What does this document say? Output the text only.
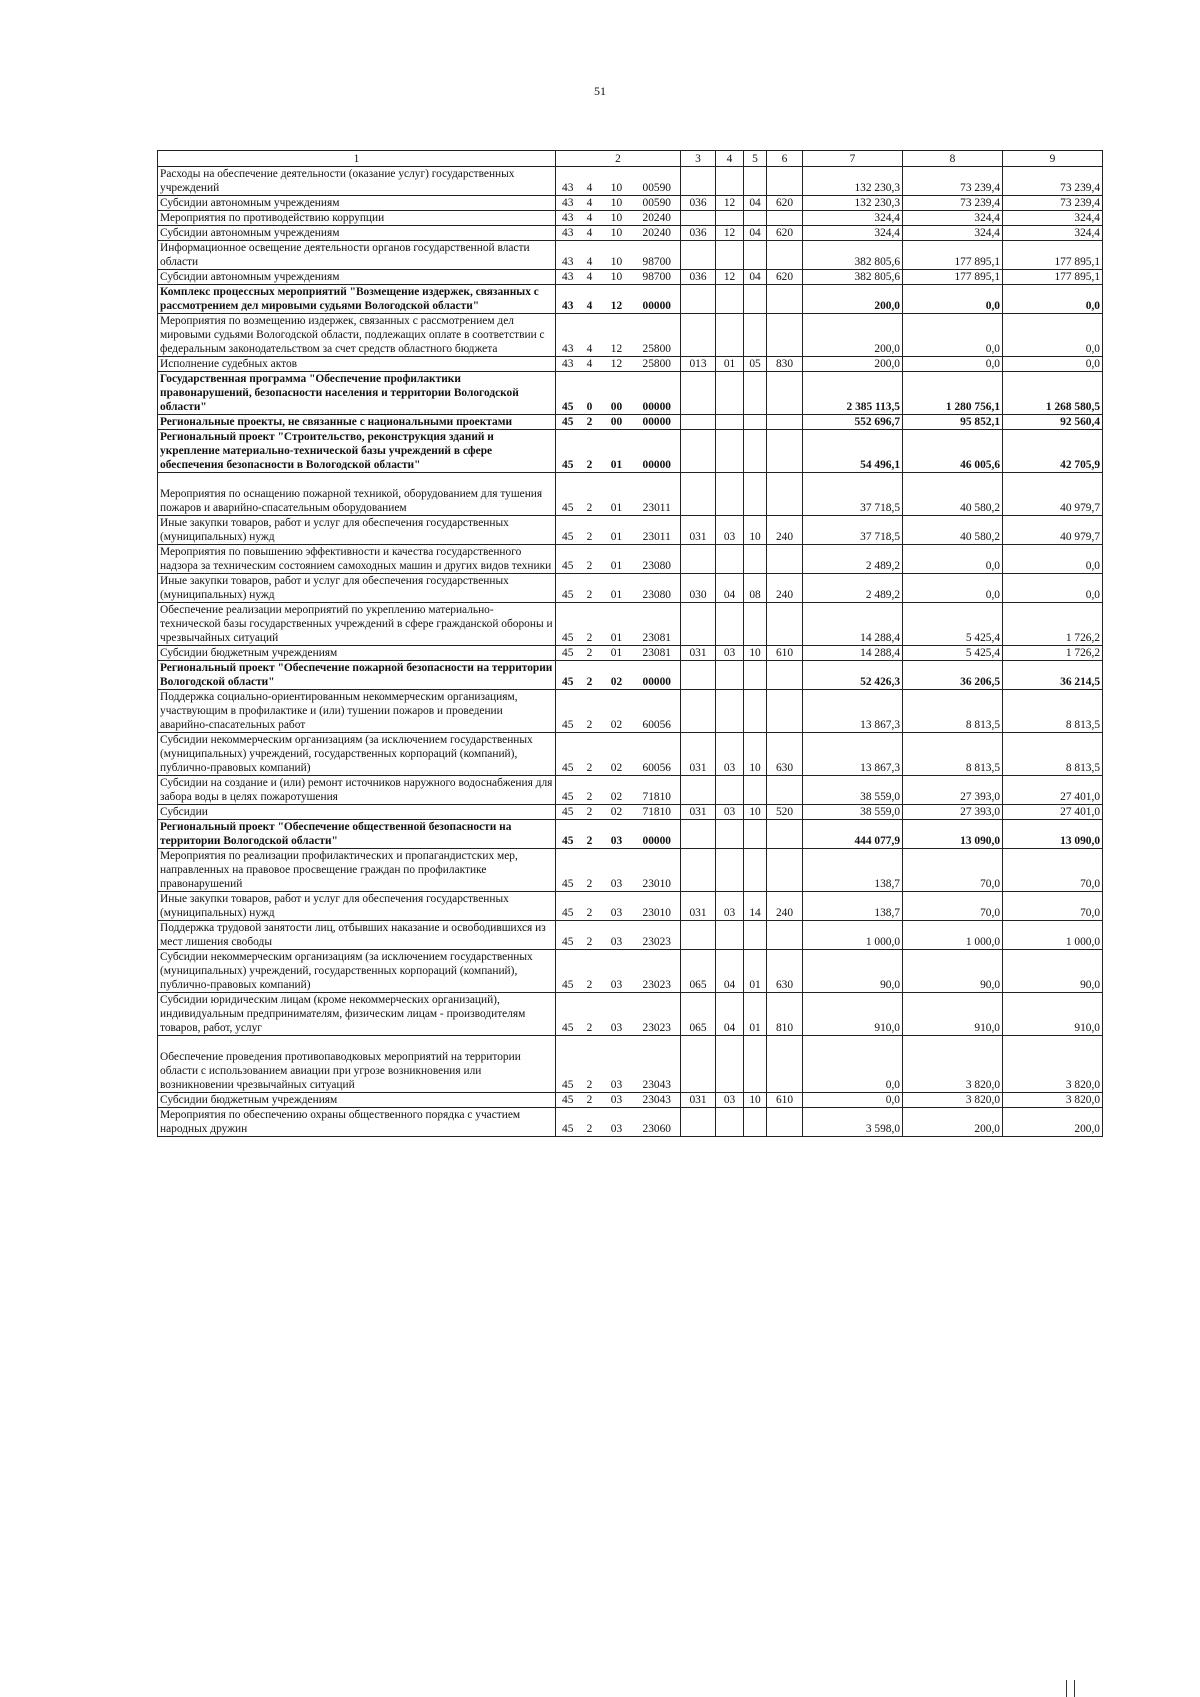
51
1	2				3	4	5	6	7	8	9
Расходы на обеспечение деятельности (оказание услуг) государственных учреждений	43	4	10	00590					132 230,3	73 239,4	73 239,4
Субсидии автономным учреждениям	43	4	10	00590	036	12	04	620	132 230,3	73 239,4	73 239,4
Мероприятия по противодействию коррупции	43	4	10	20240					324,4	324,4	324,4
Субсидии автономным учреждениям	43	4	10	20240	036	12	04	620	324,4	324,4	324,4
Информационное освещение деятельности органов государственной власти области	43	4	10	98700					382 805,6	177 895,1	177 895,1
Субсидии автономным учреждениям	43	4	10	98700	036	12	04	620	382 805,6	177 895,1	177 895,1
Комплекс процессных мероприятий "Возмещение издержек, связанных с рассмотрением дел мировыми судьями Вологодской области"	43	4	12	00000					200,0	0,0	0,0
Мероприятия по возмещению издержек, связанных с рассмотрением дел мировыми судьями Вологодской области, подлежащих оплате в соответствии с федеральным законодательством за счет средств областного бюджета	43	4	12	25800					200,0	0,0	0,0
Исполнение судебных актов	43	4	12	25800	013	01	05	830	200,0	0,0	0,0
Государственная программа "Обеспечение профилактики правонарушений, безопасности населения и территории Вологодской области"	45	0	00	00000					2 385 113,5	1 280 756,1	1 268 580,5
Региональные проекты, не связанные с национальными проектами	45	2	00	00000					552 696,7	95 852,1	92 560,4
Региональный проект "Строительство, реконструкция зданий и укрепление материально-технической базы учреждений в сфере обеспечения безопасности в Вологодской области"	45	2	01	00000					54 496,1	46 005,6	42 705,9
Мероприятия по оснащению пожарной техникой, оборудованием для тушения пожаров и аварийно-спасательным оборудованием	45	2	01	23011					37 718,5	40 580,2	40 979,7
Иные закупки товаров, работ и услуг для обеспечения государственных (муниципальных) нужд	45	2	01	23011	031	03	10	240	37 718,5	40 580,2	40 979,7
Мероприятия по повышению эффективности и качества государственного надзора за техническим состоянием самоходных машин и других видов техники	45	2	01	23080					2 489,2	0,0	0,0
Иные закупки товаров, работ и услуг для обеспечения государственных (муниципальных) нужд	45	2	01	23080	030	04	08	240	2 489,2	0,0	0,0
Обеспечение реализации мероприятий по укреплению материально-технической базы государственных учреждений в сфере гражданской обороны и чрезвычайных ситуаций	45	2	01	23081					14 288,4	5 425,4	1 726,2
Субсидии бюджетным учреждениям	45	2	01	23081	031	03	10	610	14 288,4	5 425,4	1 726,2
Региональный проект "Обеспечение пожарной безопасности на территории Вологодской области"	45	2	02	00000					52 426,3	36 206,5	36 214,5
Поддержка социально-ориентированным некоммерческим организациям, участвующим в профилактике и (или) тушении пожаров и проведении аварийно-спасательных работ	45	2	02	60056					13 867,3	8 813,5	8 813,5
Субсидии некоммерческим организациям (за исключением государственных (муниципальных) учреждений, государственных корпораций (компаний), публично-правовых компаний)	45	2	02	60056	031	03	10	630	13 867,3	8 813,5	8 813,5
Субсидии на создание и (или) ремонт источников наружного водоснабжения для забора воды в целях пожаротушения	45	2	02	71810					38 559,0	27 393,0	27 401,0
Субсидии	45	2	02	71810	031	03	10	520	38 559,0	27 393,0	27 401,0
Региональный проект "Обеспечение общественной безопасности на территории Вологодской области"	45	2	03	00000					444 077,9	13 090,0	13 090,0
Мероприятия по реализации профилактических и пропагандистских мер, направленных на правовое просвещение граждан по профилактике правонарушений	45	2	03	23010					138,7	70,0	70,0
Иные закупки товаров, работ и услуг для обеспечения государственных (муниципальных) нужд	45	2	03	23010	031	03	14	240	138,7	70,0	70,0
Поддержка трудовой занятости лиц, отбывших наказание и освободившихся из мест лишения свободы	45	2	03	23023					1 000,0	1 000,0	1 000,0
Субсидии некоммерческим организациям (за исключением государственных (муниципальных) учреждений, государственных корпораций (компаний), публично-правовых компаний)	45	2	03	23023	065	04	01	630	90,0	90,0	90,0
Субсидии юридическим лицам (кроме некоммерческих организаций), индивидуальным предпринимателям, физическим лицам - производителям товаров, работ, услуг	45	2	03	23023	065	04	01	810	910,0	910,0	910,0
Обеспечение проведения противопаводковых мероприятий на территории области с использованием авиации при угрозе возникновения или возникновении чрезвычайных ситуаций	45	2	03	23043					0,0	3 820,0	3 820,0
Субсидии бюджетным учреждениям	45	2	03	23043	031	03	10	610	0,0	3 820,0	3 820,0
Мероприятия по обеспечению охраны общественного порядка с участием народных дружин	45	2	03	23060					3 598,0	200,0	200,0
